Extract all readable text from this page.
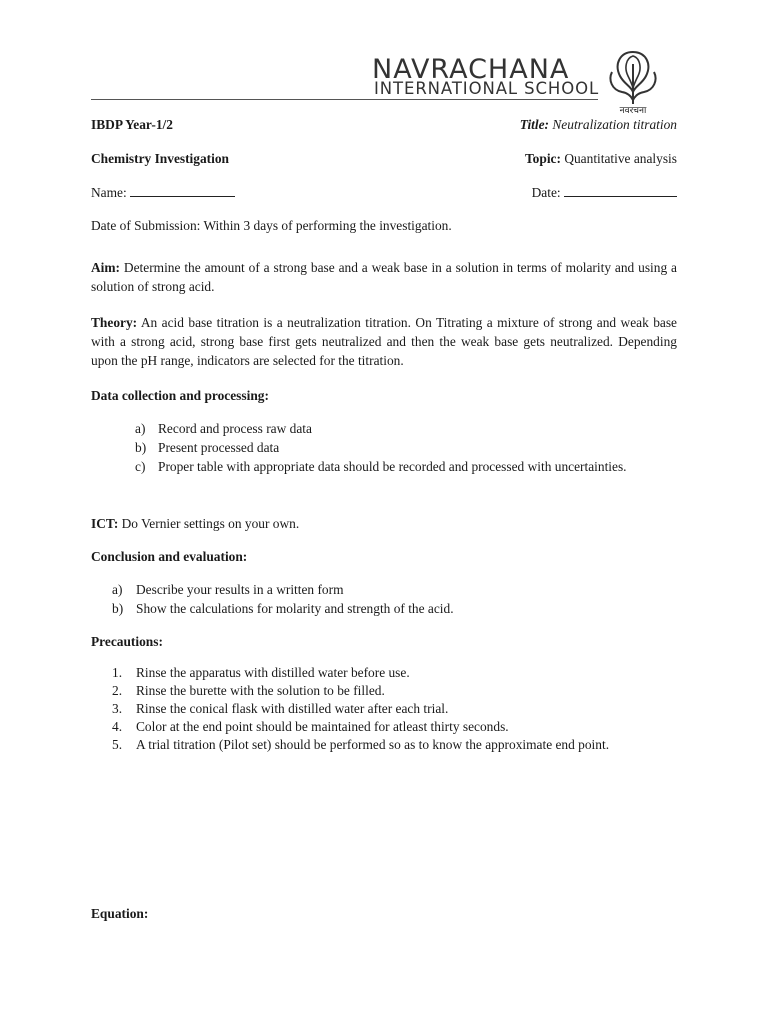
NAVRACHANA
INTERNATIONAL SCHOOL
नवरचना
IBDP Year-1/2	Title: Neutralization titration
Chemistry Investigation	Topic: Quantitative analysis
Name:	Date:
Date of Submission: Within 3 days of performing the investigation.
Aim: Determine the amount of a strong base and a weak base in a solution in terms of molarity and using a solution of strong acid.
Theory: An acid base titration is a neutralization titration. On Titrating a mixture of strong and weak base with a strong acid, strong base first gets neutralized and then the weak base gets neutralized. Depending upon the pH range, indicators are selected for the titration.
Data collection and processing:
a) Record and process raw data
b) Present processed data
c) Proper table with appropriate data should be recorded and processed with uncertainties.
ICT: Do Vernier settings on your own.
Conclusion and evaluation:
a)	Describe your results in a written form
b) Show the calculations for molarity and strength of the acid.
Precautions:
1.	Rinse the apparatus with distilled water before use.
2.	Rinse the burette with the solution to be filled.
3.	Rinse the conical flask with distilled water after each trial.
4.	Color at the end point should be maintained for atleast thirty seconds.
5.	A trial titration (Pilot set) should be performed so as to know the approximate end point.
Equation:
